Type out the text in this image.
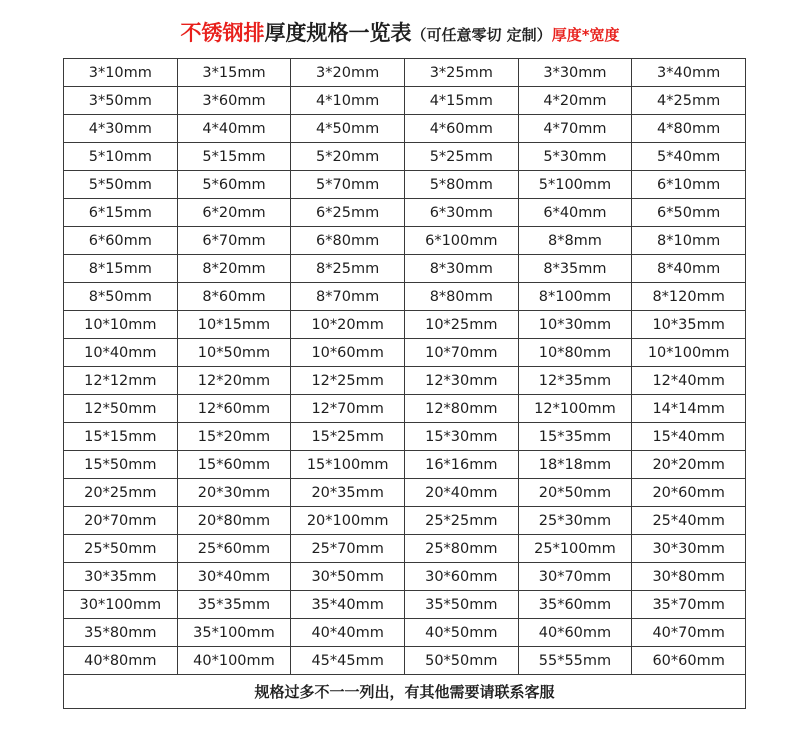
不锈钢排厚度规格一览表（可任意零切 定制）厚度*宽度
3*10mm	3*15mm	3*20mm	3*25mm	3*30mm	3*40mm
3*50mm	3*60mm	4*10mm	4*15mm	4*20mm	4*25mm
4*30mm	4*40mm	4*50mm	4*60mm	4*70mm	4*80mm
5*10mm	5*15mm	5*20mm	5*25mm	5*30mm	5*40mm
5*50mm	5*60mm	5*70mm	5*80mm	5*100mm	6*10mm
6*15mm	6*20mm	6*25mm	6*30mm	6*40mm	6*50mm
6*60mm	6*70mm	6*80mm	6*100mm	8*8mm	8*10mm
8*15mm	8*20mm	8*25mm	8*30mm	8*35mm	8*40mm
8*50mm	8*60mm	8*70mm	8*80mm	8*100mm	8*120mm
10*10mm	10*15mm	10*20mm	10*25mm	10*30mm	10*35mm
10*40mm	10*50mm	10*60mm	10*70mm	10*80mm	10*100mm
12*12mm	12*20mm	12*25mm	12*30mm	12*35mm	12*40mm
12*50mm	12*60mm	12*70mm	12*80mm	12*100mm	14*14mm
15*15mm	15*20mm	15*25mm	15*30mm	15*35mm	15*40mm
15*50mm	15*60mm	15*100mm	16*16mm	18*18mm	20*20mm
20*25mm	20*30mm	20*35mm	20*40mm	20*50mm	20*60mm
20*70mm	20*80mm	20*100mm	25*25mm	25*30mm	25*40mm
25*50mm	25*60mm	25*70mm	25*80mm	25*100mm	30*30mm
30*35mm	30*40mm	30*50mm	30*60mm	30*70mm	30*80mm
30*100mm	35*35mm	35*40mm	35*50mm	35*60mm	35*70mm
35*80mm	35*100mm	40*40mm	40*50mm	40*60mm	40*70mm
40*80mm	40*100mm	45*45mm	50*50mm	55*55mm	60*60mm
规格过多不一一列出，有其他需要请联系客服					
